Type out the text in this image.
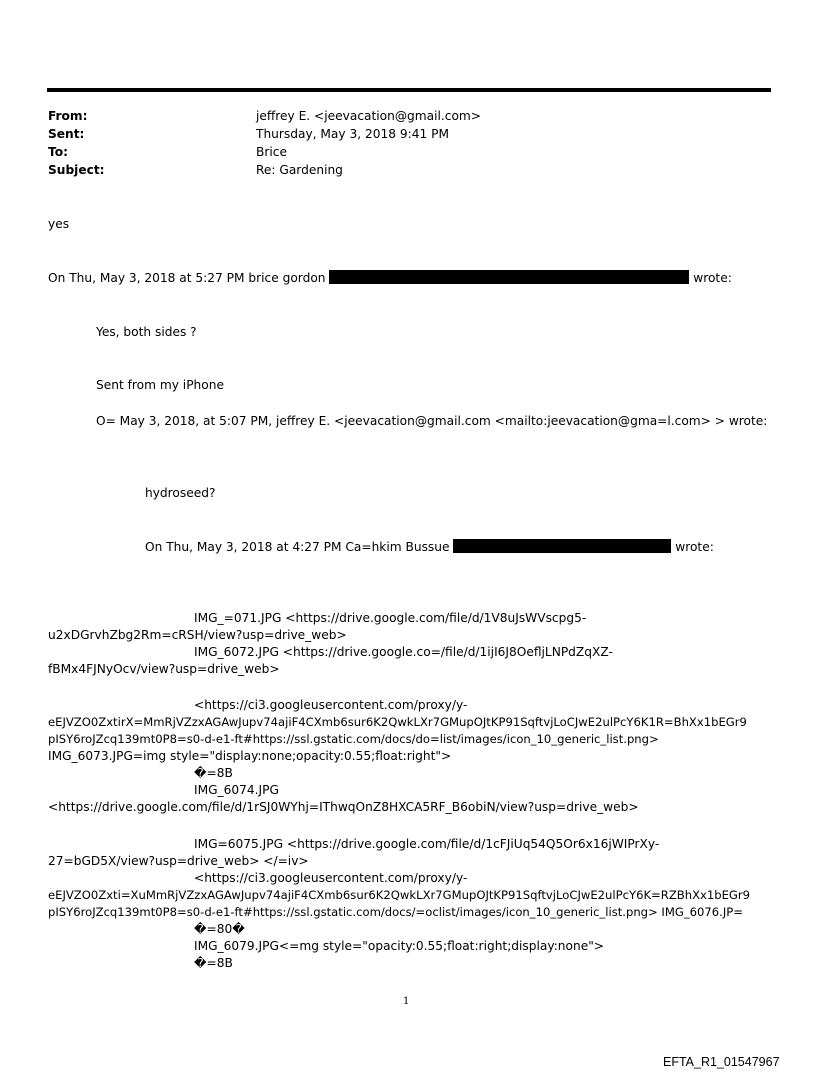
From:	jeffrey E. <jeevacation@gmail.com>
Sent:	Thursday, May 3, 2018 9:41 PM
To:	Brice
Subject:	Re: Gardening
yes
On Thu, May 3, 2018 at 5:27 PM brice gordon	wrote:
Yes, both sides ?
Sent from my iPhone
O= May 3, 2018, at 5:07 PM, jeffrey E. <jeevacation@gmail.com <mailto:jeevacation@gma=l.com> > wrote:
hydroseed?
On Thu, May 3, 2018 at 4:27 PM Ca=hkim Bussue	wrote:
IMG_=071.JPG <https://drive.google.com/file/d/1V8uJsWVscpg5-
u2xDGrvhZbg2Rm=cRSH/view?usp=drive_web>
IMG_6072.JPG <https://drive.google.co=/file/d/1ijI6J8OefljLNPdZqXZ-
fBMx4FJNyOcv/view?usp=drive_web>
<https://ci3.googleusercontent.com/proxy/y-
eEJVZO0ZxtirX=MmRjVZzxAGAwJupv74ajiF4CXmb6sur6K2QwkLXr7GMupOJtKP91SqftvjLoCJwE2ulPcY6K1R=BhXx1bEGr9
pISY6roJZcq139mt0P8=s0-d-e1-ft#https://ssl.gstatic.com/docs/do=list/images/icon_10_generic_list.png>
IMG_6073.JPG=img style="display:none;opacity:0.55;float:right">
�=8B
IMG_6074.JPG
<https://drive.google.com/file/d/1rSJ0WYhj=IThwqOnZ8HXCA5RF_B6obiN/view?usp=drive_web>
IMG=6075.JPG <https://drive.google.com/file/d/1cFJiUq54Q5Or6x16jWIPrXy-
27=bGD5X/view?usp=drive_web> </=iv>
<https://ci3.googleusercontent.com/proxy/y-
eEJVZO0Zxti=XuMmRjVZzxAGAwJupv74ajiF4CXmb6sur6K2QwkLXr7GMupOJtKP91SqftvjLoCJwE2ulPcY6K=RZBhXx1bEGr9
pISY6roJZcq139mt0P8=s0-d-e1-ft#https://ssl.gstatic.com/docs/=oclist/images/icon_10_generic_list.png> IMG_6076.JP=
�=80�
IMG_6079.JPG<=mg style="opacity:0.55;float:right;display:none">
�=8B
1
EFTA_R1_01547967
